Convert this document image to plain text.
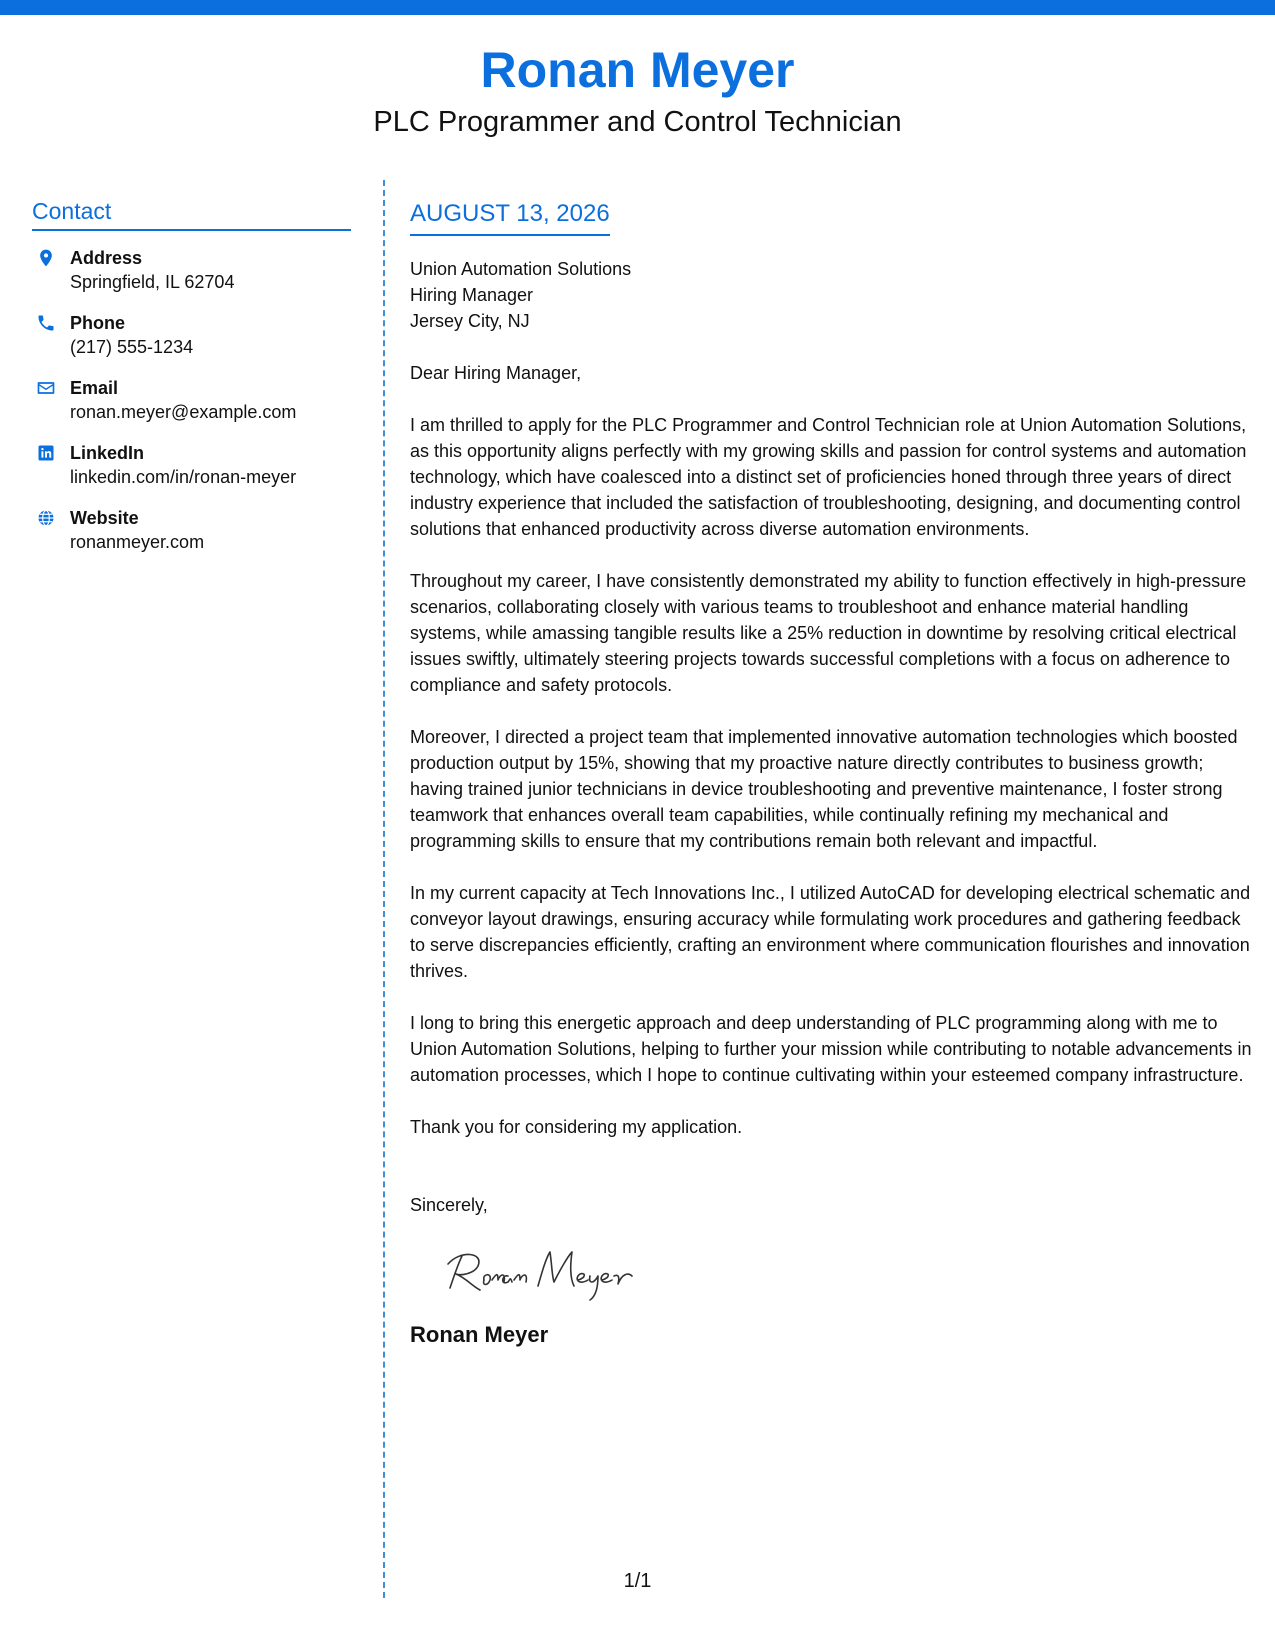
Ronan Meyer
PLC Programmer and Control Technician
Contact
Address
Springfield, IL 62704
Phone
(217) 555-1234
Email
ronan.meyer@example.com
LinkedIn
linkedin.com/in/ronan-meyer
Website
ronanmeyer.com
AUGUST 13, 2026
Union Automation Solutions
Hiring Manager
Jersey City, NJ
Dear Hiring Manager,
I am thrilled to apply for the PLC Programmer and Control Technician role at Union Automation Solutions, as this opportunity aligns perfectly with my growing skills and passion for control systems and automation technology, which have coalesced into a distinct set of proficiencies honed through three years of direct industry experience that included the satisfaction of troubleshooting, designing, and documenting control solutions that enhanced productivity across diverse automation environments.
Throughout my career, I have consistently demonstrated my ability to function effectively in high-pressure scenarios, collaborating closely with various teams to troubleshoot and enhance material handling systems, while amassing tangible results like a 25% reduction in downtime by resolving critical electrical issues swiftly, ultimately steering projects towards successful completions with a focus on adherence to compliance and safety protocols.
Moreover, I directed a project team that implemented innovative automation technologies which boosted production output by 15%, showing that my proactive nature directly contributes to business growth; having trained junior technicians in device troubleshooting and preventive maintenance, I foster strong teamwork that enhances overall team capabilities, while continually refining my mechanical and programming skills to ensure that my contributions remain both relevant and impactful.
In my current capacity at Tech Innovations Inc., I utilized AutoCAD for developing electrical schematic and conveyor layout drawings, ensuring accuracy while formulating work procedures and gathering feedback to serve discrepancies efficiently, crafting an environment where communication flourishes and innovation thrives.
I long to bring this energetic approach and deep understanding of PLC programming along with me to Union Automation Solutions, helping to further your mission while contributing to notable advancements in automation processes, which I hope to continue cultivating within your esteemed company infrastructure.
Thank you for considering my application.
Sincerely,
Ronan Meyer
1/1
